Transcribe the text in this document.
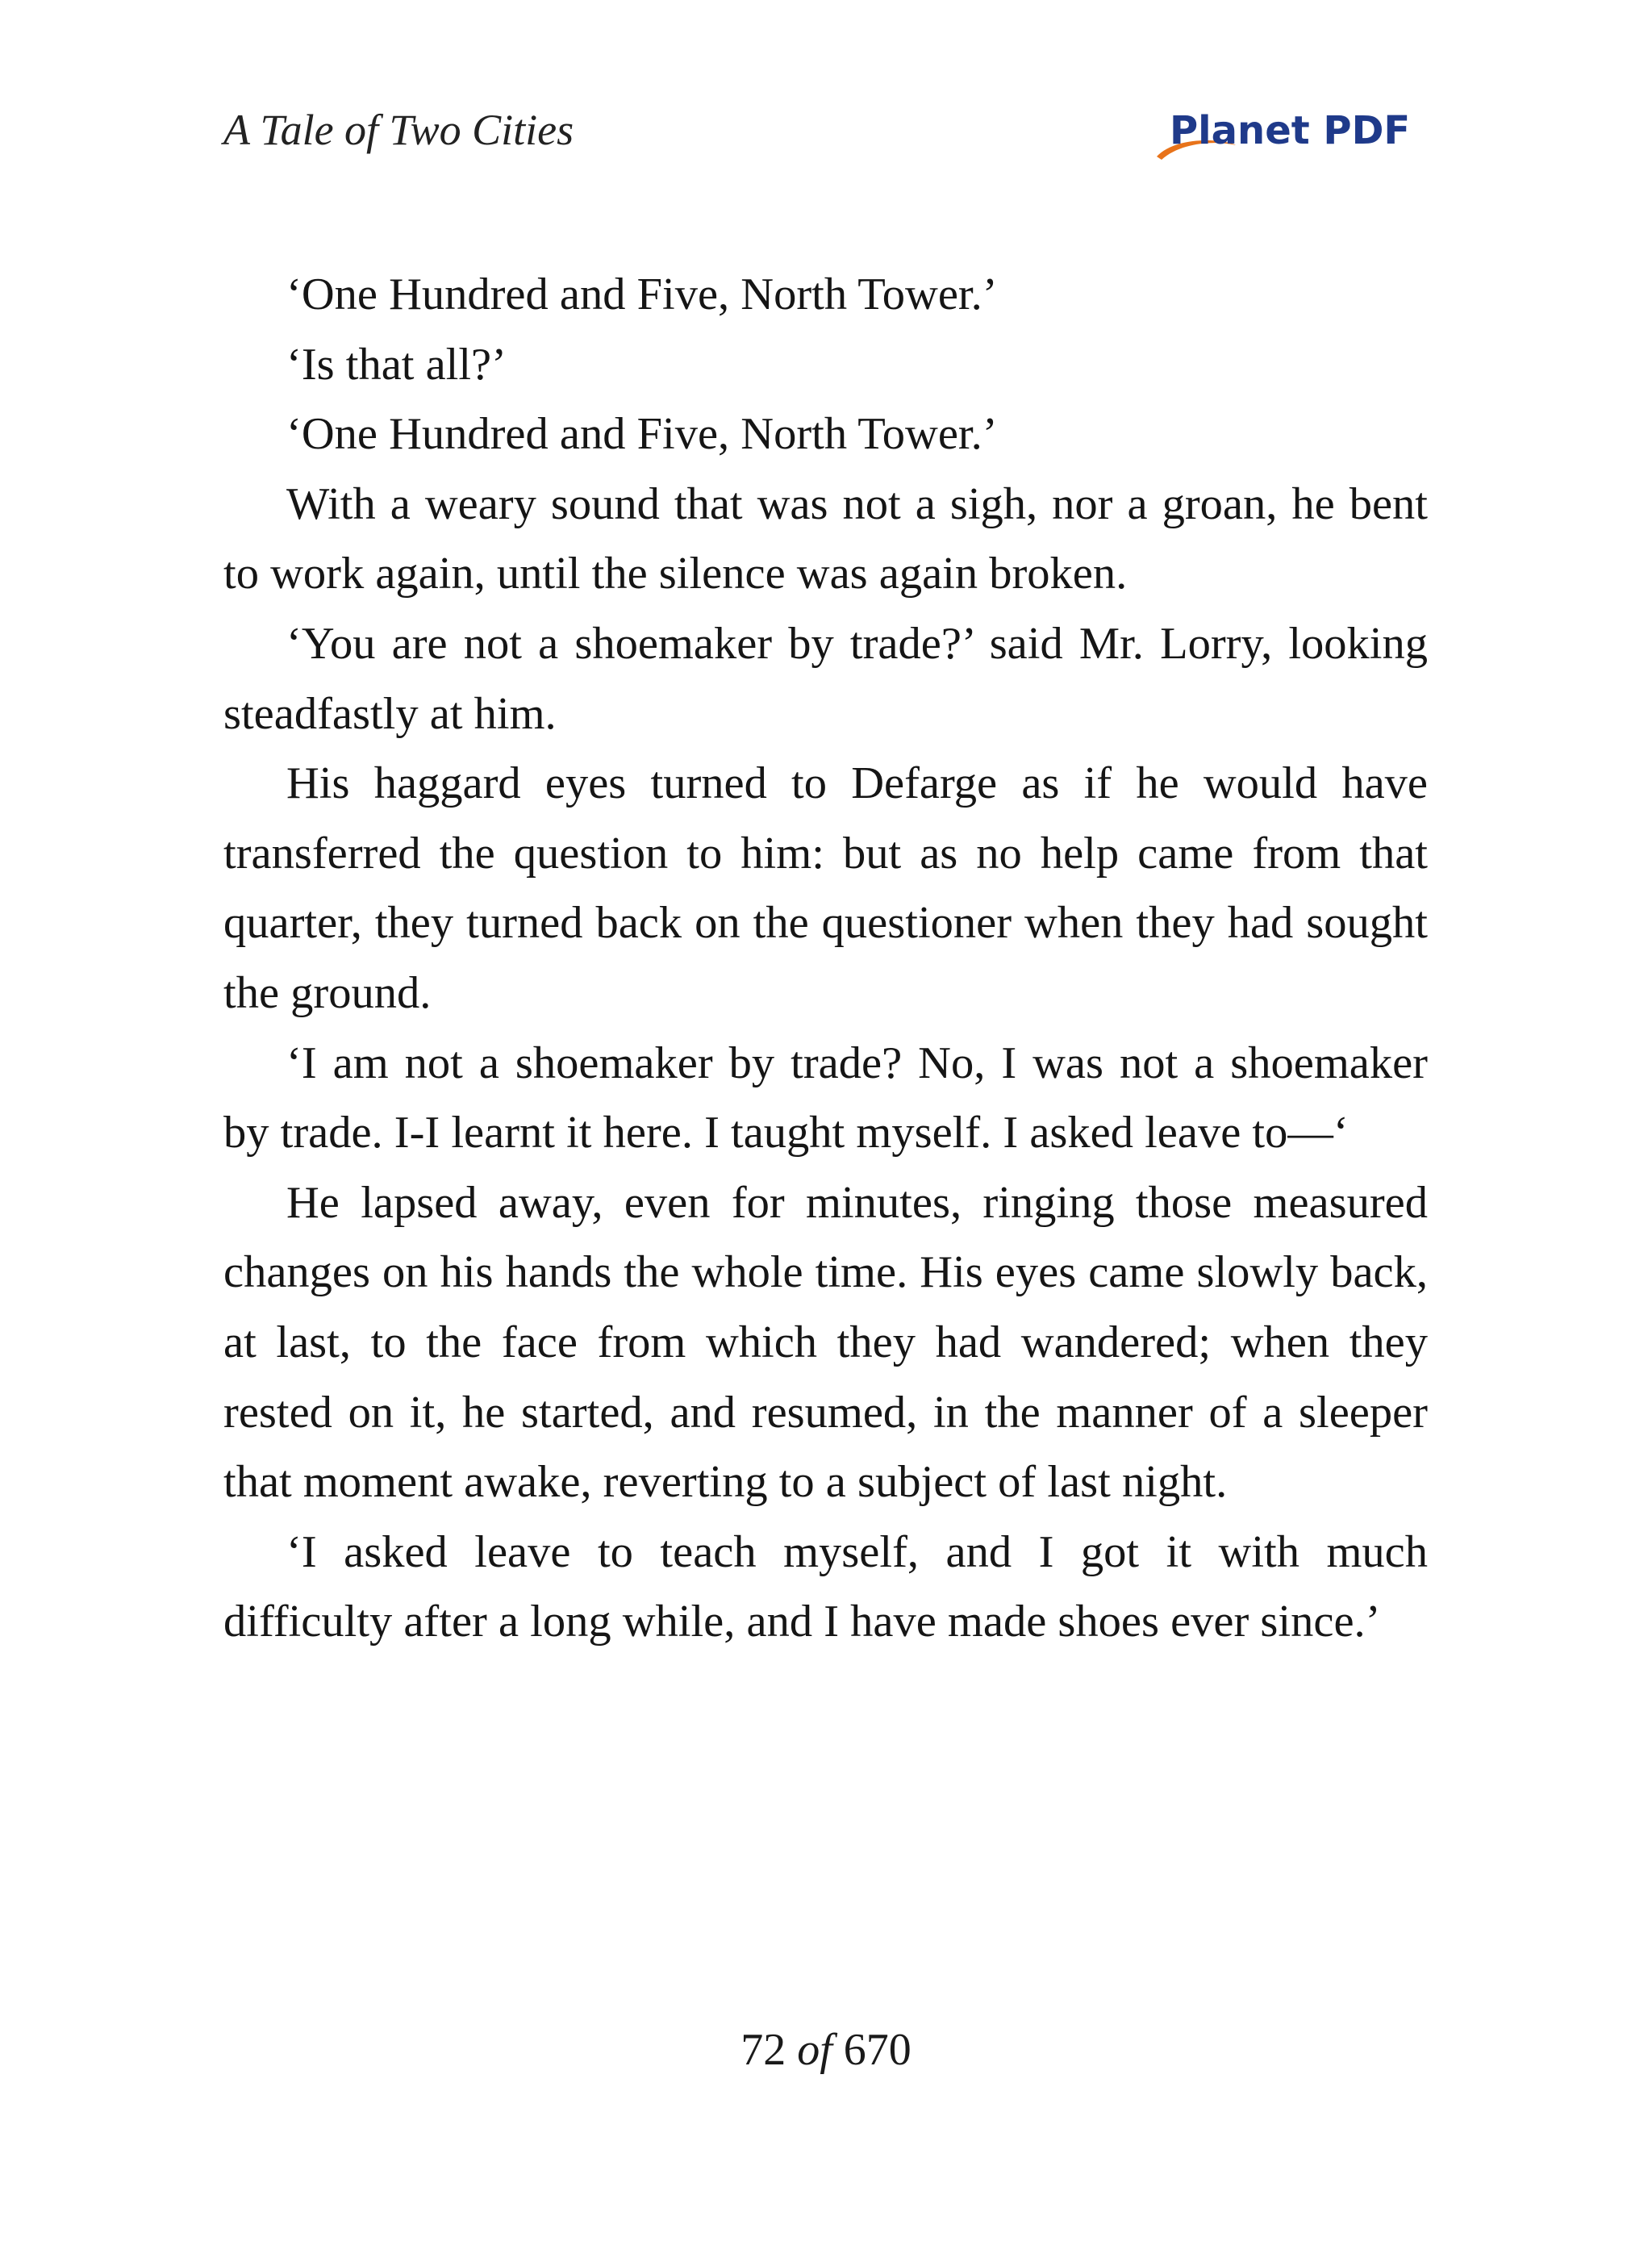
A Tale of Two Cities	Planet PDF

‘One Hundred and Five, North Tower.’

‘Is that all?’

‘One Hundred and Five, North Tower.’

With a weary sound that was not a sigh, nor a groan, he bent to work again, until the silence was again broken.

‘You are not a shoemaker by trade?’ said Mr. Lorry, looking steadfastly at him.

His haggard eyes turned to Defarge as if he would have transferred the question to him: but as no help came from that quarter, they turned back on the questioner when they had sought the ground.

‘I am not a shoemaker by trade? No, I was not a shoemaker by trade. I-I learnt it here. I taught myself. I asked leave to—‘

He lapsed away, even for minutes, ringing those measured changes on his hands the whole time. His eyes came slowly back, at last, to the face from which they had wandered; when they rested on it, he started, and resumed, in the manner of a sleeper that moment awake, reverting to a subject of last night.

‘I asked leave to teach myself, and I got it with much difficulty after a long while, and I have made shoes ever since.’

72 of 670
